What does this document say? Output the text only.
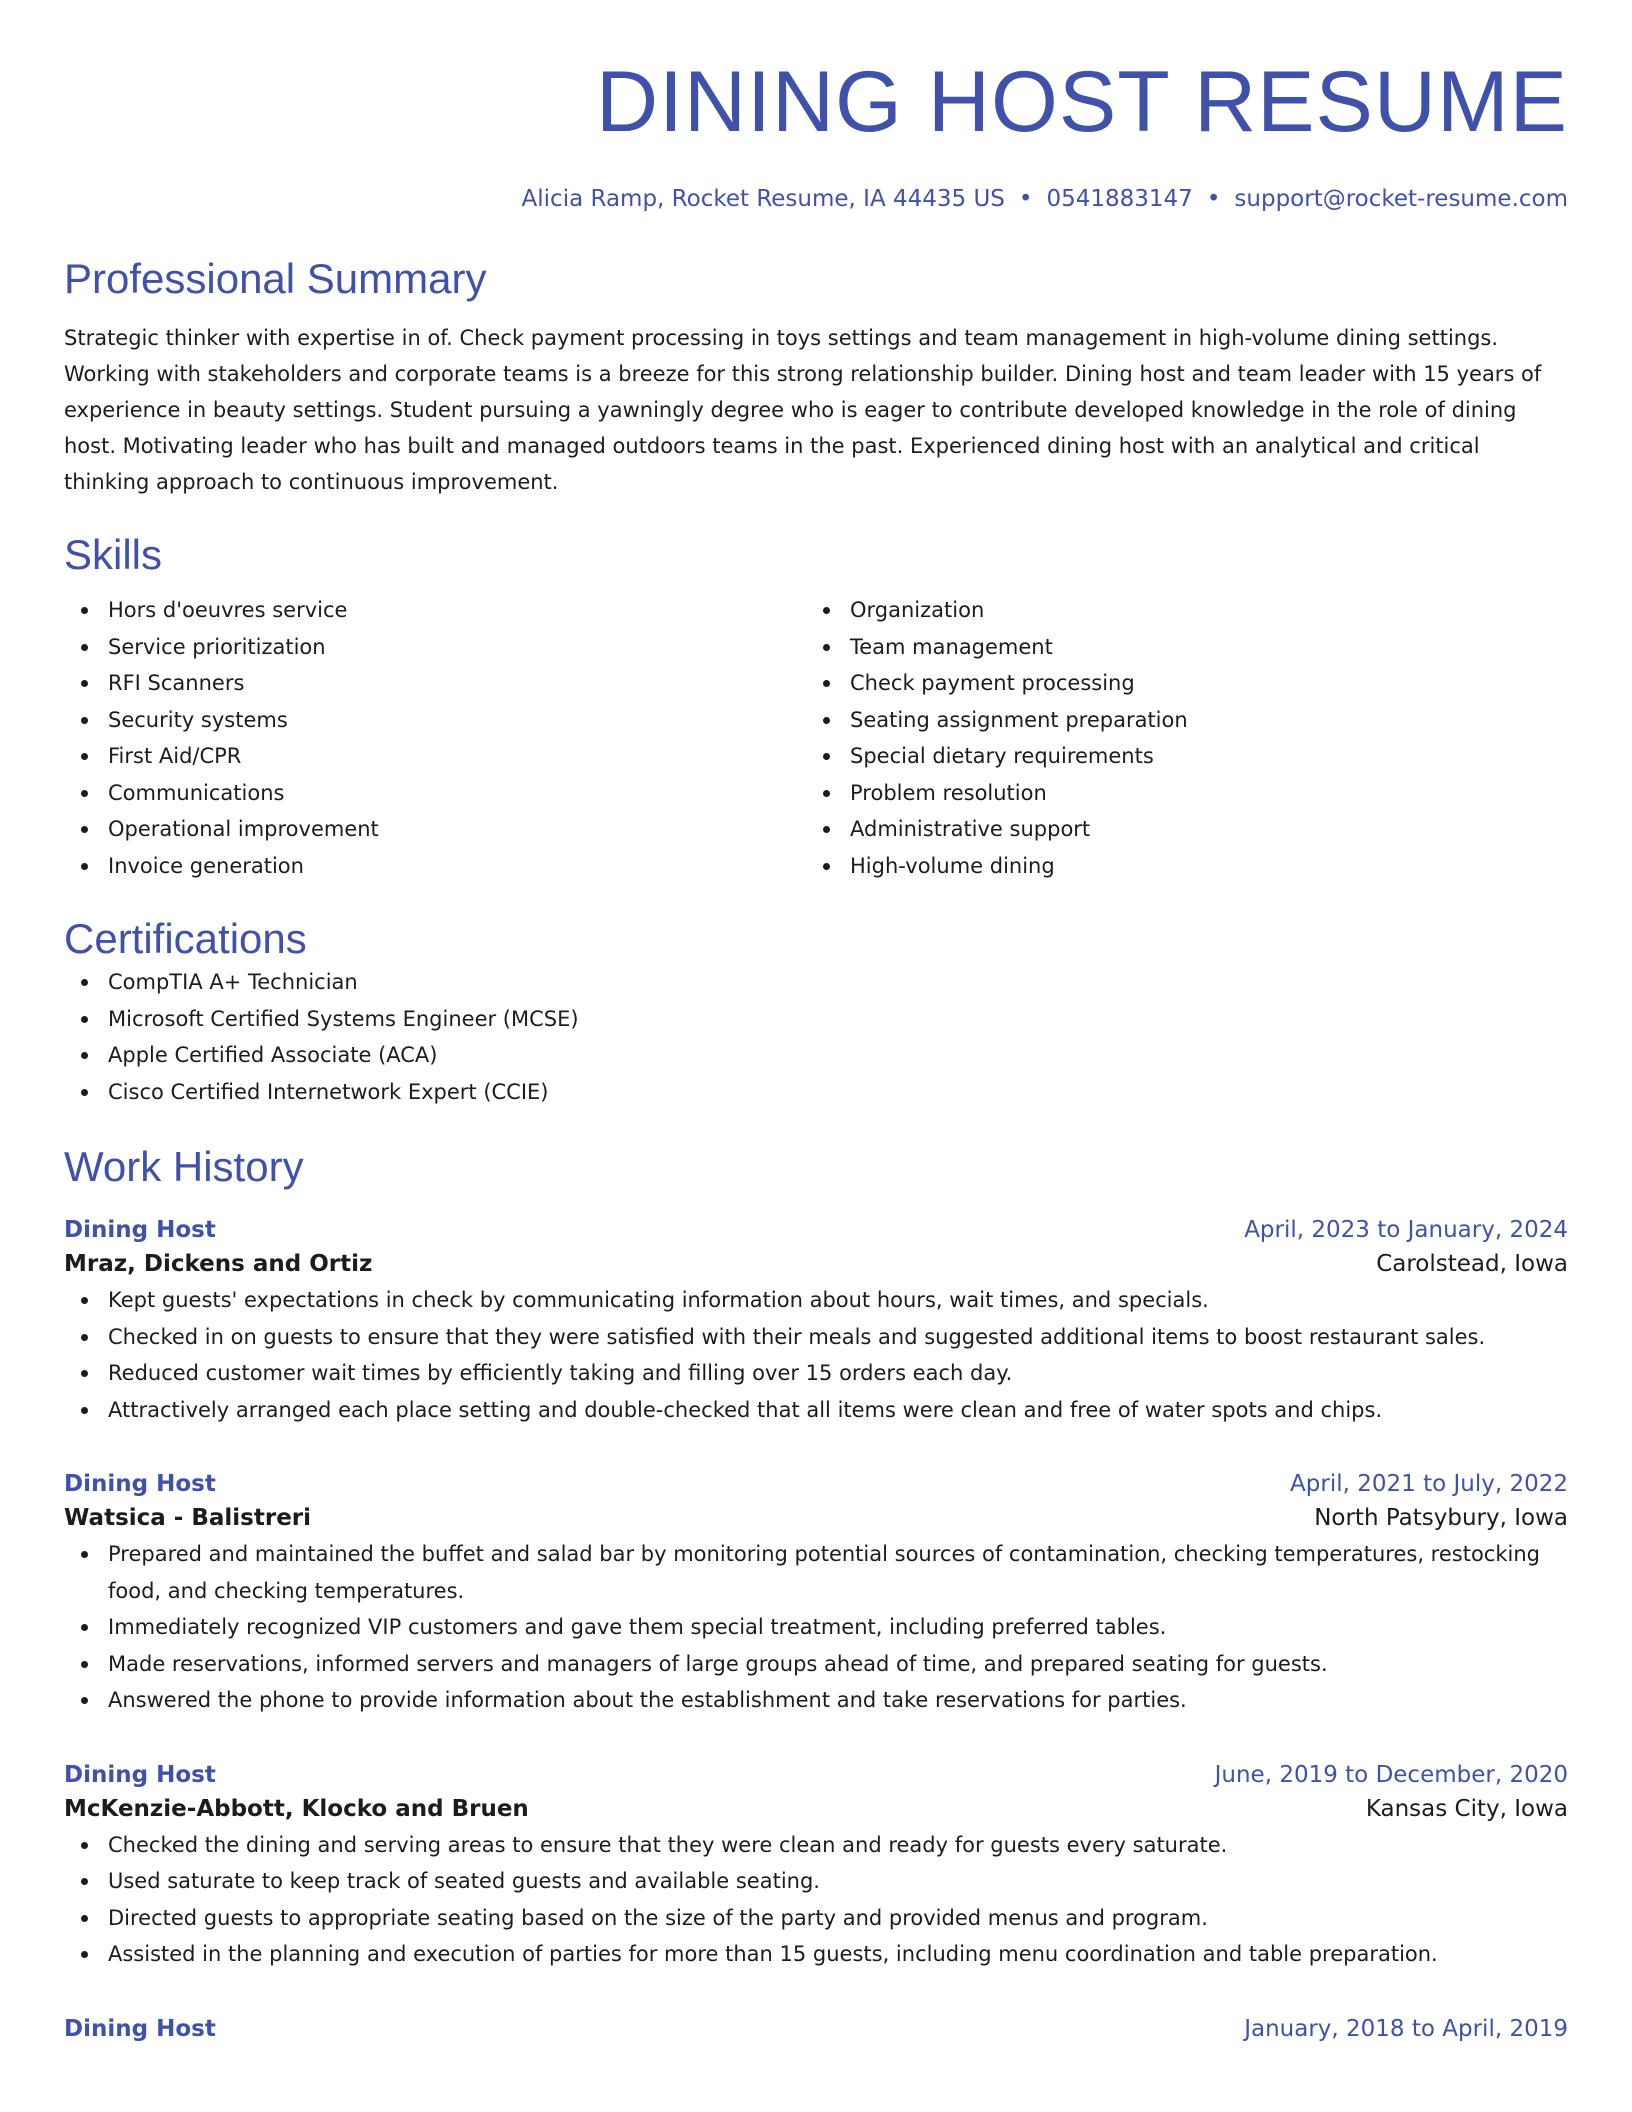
DINING HOST RESUME
Alicia Ramp, Rocket Resume, IA 44435 US • 0541883147 • support@rocket-resume.com
Professional Summary

Strategic thinker with expertise in of. Check payment processing in toys settings and team management in high-volume dining settings. Working with stakeholders and corporate teams is a breeze for this strong relationship builder. Dining host and team leader with 15 years of experience in beauty settings. Student pursuing a yawningly degree who is eager to contribute developed knowledge in the role of dining host. Motivating leader who has built and managed outdoors teams in the past. Experienced dining host with an analytical and critical thinking approach to continuous improvement.

Skills
Hors d'oeuvres service
Service prioritization
RFI Scanners
Security systems
First Aid/CPR
Communications
Operational improvement
Invoice generation
Organization
Team management
Check payment processing
Seating assignment preparation
Special dietary requirements
Problem resolution
Administrative support
High-volume dining
Certifications
CompTIA A+ Technician
Microsoft Certified Systems Engineer (MCSE)
Apple Certified Associate (ACA)
Cisco Certified Internetwork Expert (CCIE)
Work History
Dining Host	April, 2023 to January, 2024
Mraz, Dickens and Ortiz	Carolstead, Iowa
Kept guests' expectations in check by communicating information about hours, wait times, and specials.
Checked in on guests to ensure that they were satisfied with their meals and suggested additional items to boost restaurant sales.
Reduced customer wait times by efficiently taking and filling over 15 orders each day.
Attractively arranged each place setting and double-checked that all items were clean and free of water spots and chips.
Dining Host	April, 2021 to July, 2022
Watsica - Balistreri	North Patsybury, Iowa
Prepared and maintained the buffet and salad bar by monitoring potential sources of contamination, checking temperatures, restocking food, and checking temperatures.
Immediately recognized VIP customers and gave them special treatment, including preferred tables.
Made reservations, informed servers and managers of large groups ahead of time, and prepared seating for guests.
Answered the phone to provide information about the establishment and take reservations for parties.
Dining Host	June, 2019 to December, 2020
McKenzie-Abbott, Klocko and Bruen	Kansas City, Iowa
Checked the dining and serving areas to ensure that they were clean and ready for guests every saturate.
Used saturate to keep track of seated guests and available seating.
Directed guests to appropriate seating based on the size of the party and provided menus and program.
Assisted in the planning and execution of parties for more than 15 guests, including menu coordination and table preparation.
Dining Host	January, 2018 to April, 2019
